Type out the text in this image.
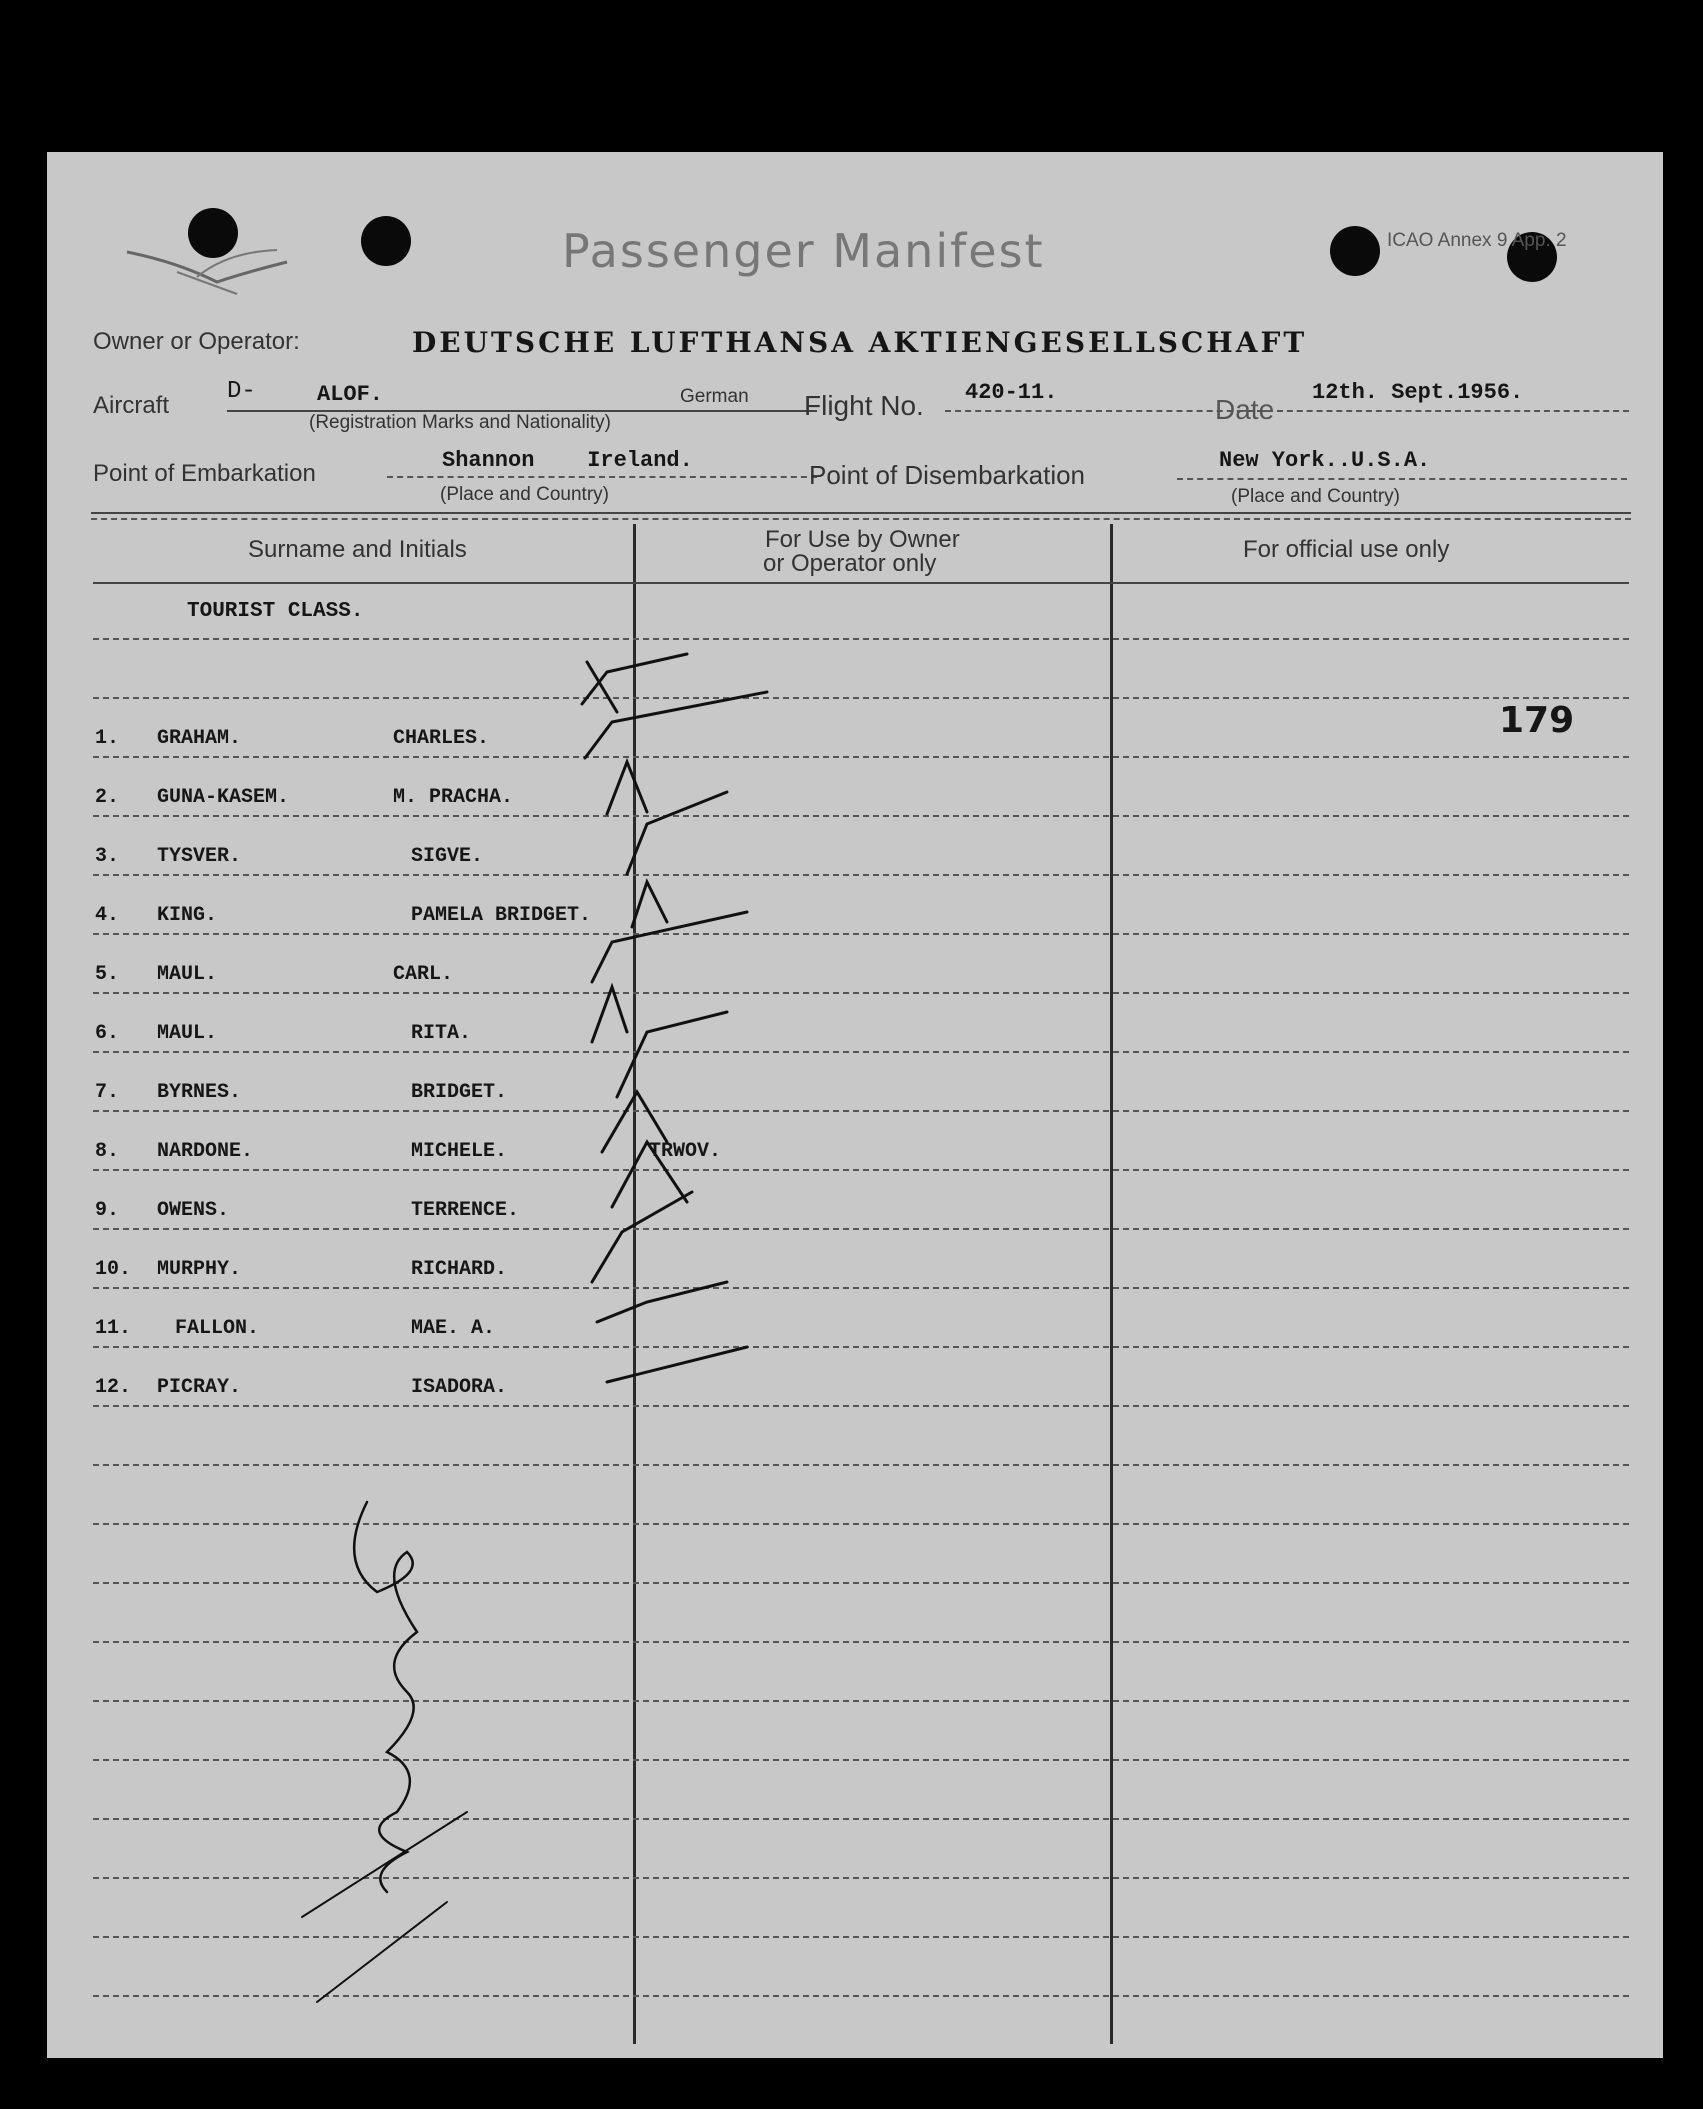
Passenger Manifest	ICAO Annex 9 App. 2
Owner or Operator:	DEUTSCHE LUFTHANSA AKTIENGESELLSCHAFT
Aircraft
D-	ALOF.	German
(Registration Marks and Nationality)
Flight No. 420-11.
Date
12th. Sept.1956.
Point of Embarkation	Shannon    Ireland.
(Place and Country)
Point of Disembarkation	New York..U.S.A.
(Place and Country)
Surname and Initials	For Use by Owner
or Operator only
For official use only
TOURIST CLASS.
179
1. GRAHAM.	CHARLES.
2. GUNA-KASEM.	M. PRACHA.
3. TYSVER.	SIGVE.
4. KING.	PAMELA BRIDGET.
5. MAUL.	CARL.
6. MAUL.	RITA.
7. BYRNES.	BRIDGET.
8. NARDONE.	MICHELE.	TRWOV.
9. OWENS.	TERRENCE.
10. MURPHY.	RICHARD.
11. FALLON.	MAE. A.
12. PICRAY.	ISADORA.
